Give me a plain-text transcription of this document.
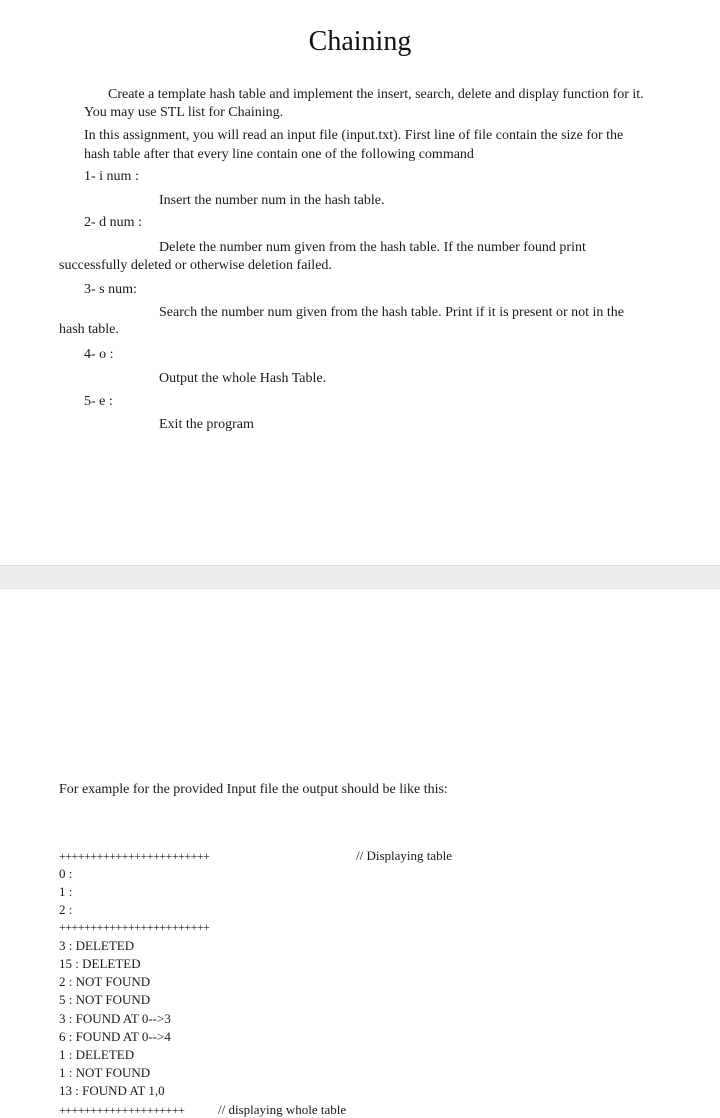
Chaining
Create a template hash table and implement the insert, search, delete and display function for it.
You may use STL list for Chaining.
In this assignment, you will read an input file (input.txt). First line of file contain the size for the
hash table after that every line contain one of the following command
1- i num :
Insert the number num in the hash table.
2- d num :
Delete the number num given from the hash table. If the number found print
successfully deleted or otherwise deletion failed.
3- s num:
Search the number num given from the hash table. Print if it is present or not in the
hash table.
4- o :
Output the whole Hash Table.
5- e :
Exit the program
For example for the provided Input file the output should be like this:
++++++++++++++++++++++++	// Displaying table
0 :
1 :
2 :
++++++++++++++++++++++++
3 : DELETED
15 : DELETED
2 : NOT FOUND
5 : NOT FOUND
3 : FOUND AT 0-->3
6 : FOUND AT 0-->4
1 : DELETED
1 : NOT FOUND
13 : FOUND AT 1,0
++++++++++++++++++++	// displaying whole table
